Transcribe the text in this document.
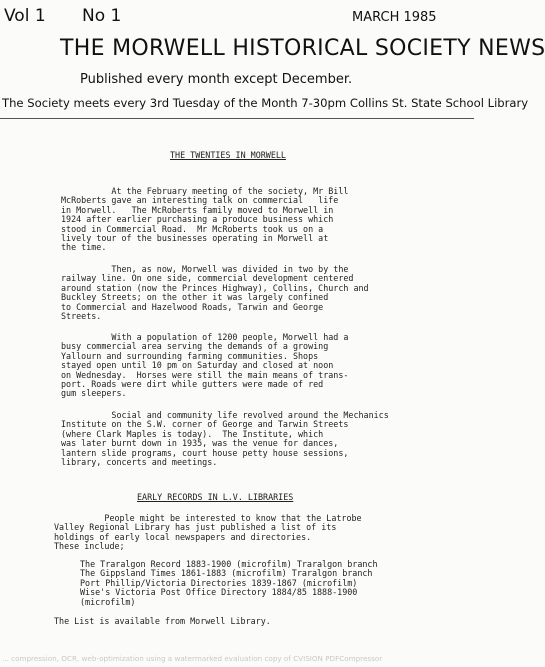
Vol 1 No 1	MARCH 1985
THE MORWELL HISTORICAL SOCIETY NEWS
Published every month except December.
The Society meets every 3rd Tuesday of the Month 7-30pm Collins St. State School Library
THE TWENTIES IN MORWELL
At the February meeting of the society, Mr Bill
McRoberts gave an interesting talk on commercial   life
in Morwell.   The McRoberts family moved to Morwell in
1924 after earlier purchasing a produce business which
stood in Commercial Road.  Mr McRoberts took us on a
lively tour of the businesses operating in Morwell at
the time.
Then, as now, Morwell was divided in two by the
railway line. On one side, commercial development centered
around station (now the Princes Highway), Collins, Church and
Buckley Streets; on the other it was largely confined
to Commercial and Hazelwood Roads, Tarwin and George
Streets.
With a population of 1200 people, Morwell had a
busy commercial area serving the demands of a growing
Yallourn and surrounding farming communities. Shops
stayed open until 10 pm on Saturday and closed at noon
on Wednesday.  Horses were still the main means of trans-
port. Roads were dirt while gutters were made of red
gum sleepers.
Social and community life revolved around the Mechanics
Institute on the S.W. corner of George and Tarwin Streets
(where Clark Maples is today).  The Institute, which
was later burnt down in 1935, was the venue for dances,
lantern slide programs, court house petty house sessions,
library, concerts and meetings.
EARLY RECORDS IN L.V. LIBRARIES
People might be interested to know that the Latrobe
Valley Regional Library has just published a list of its
holdings of early local newspapers and directories.
These include;
The Traralgon Record 1883-1900 (microfilm) Traralgon branch
The Gippsland Times 1861-1883 (microfilm) Traralgon branch
Port Phillip/Victoria Directories 1839-1867 (microfilm)
Wise's Victoria Post Office Directory 1884/85 1888-1900
(microfilm)
The List is available from Morwell Library.
... compression, OCR, web-optimization using a watermarked evaluation copy of CVISION PDFCompressor
